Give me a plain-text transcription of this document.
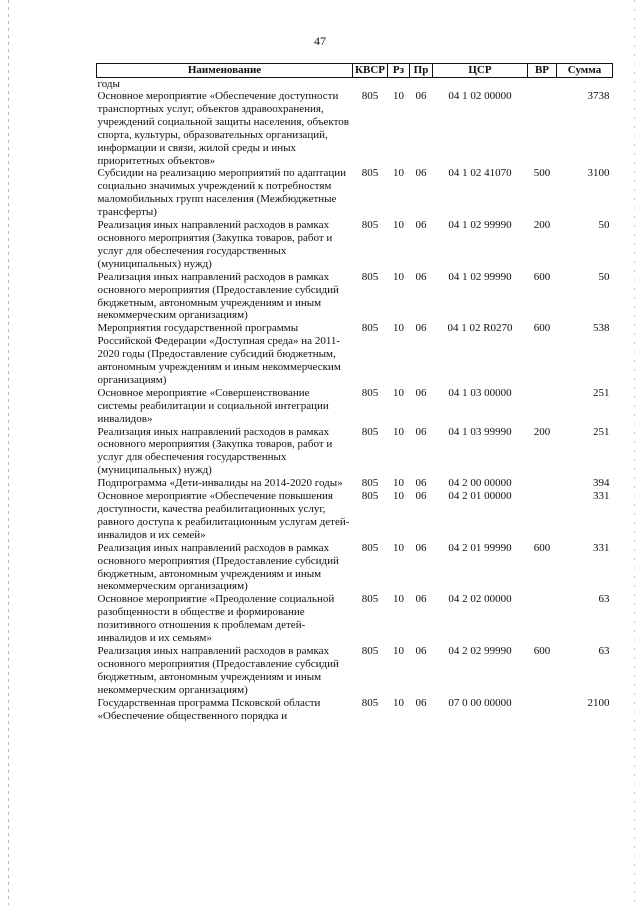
47
Наименование	КВСР	Рз	Пр	ЦСР	ВР	Сумма
годы						
Основное мероприятие «Обеспечение доступности транспортных услуг, объектов здравоохранения, учреждений социальной защиты населения, объектов спорта, культуры, образовательных организаций, информации и связи, жилой среды и иных приоритетных объектов»	805	10	06	04 1 02 00000		3738
Субсидии на реализацию мероприятий по адаптации социально значимых учреждений к потребностям маломобильных групп населения (Межбюджетные трансферты)	805	10	06	04 1 02 41070	500	3100
Реализация иных направлений расходов в рамках основного мероприятия (Закупка товаров, работ и услуг для обеспечения государственных (муниципальных) нужд)	805	10	06	04 1 02 99990	200	50
Реализация иных направлений расходов в рамках основного мероприятия (Предоставление субсидий бюджетным, автономным учреждениям и иным некоммерческим организациям)	805	10	06	04 1 02 99990	600	50
Мероприятия государственной программы Российской Федерации «Доступная среда» на 2011-2020 годы (Предоставление субсидий бюджетным, автономным учреждениям и иным некоммерческим организациям)	805	10	06	04 1 02 R0270	600	538
Основное мероприятие «Совершенствование системы реабилитации и социальной интеграции инвалидов»	805	10	06	04 1 03 00000		251
Реализация иных направлений расходов в рамках основного мероприятия (Закупка товаров, работ и услуг для обеспечения государственных (муниципальных) нужд)	805	10	06	04 1 03 99990	200	251
Подпрограмма «Дети-инвалиды на 2014-2020 годы»	805	10	06	04 2 00 00000		394
Основное мероприятие «Обеспечение повышения доступности, качества реабилитационных услуг, равного доступа к реабилитационным услугам детей-инвалидов и их семей»	805	10	06	04 2 01 00000		331
Реализация иных направлений расходов в рамках основного мероприятия (Предоставление субсидий бюджетным, автономным учреждениям и иным некоммерческим организациям)	805	10	06	04 2 01 99990	600	331
Основное мероприятие «Преодоление социальной разобщенности в обществе и формирование позитивного отношения к проблемам детей-инвалидов и их семьям»	805	10	06	04 2 02 00000		63
Реализация иных направлений расходов в рамках основного мероприятия (Предоставление субсидий бюджетным, автономным учреждениям и иным некоммерческим организациям)	805	10	06	04 2 02 99990	600	63
Государственная программа Псковской области «Обеспечение общественного порядка и	805	10	06	07 0 00 00000		2100
